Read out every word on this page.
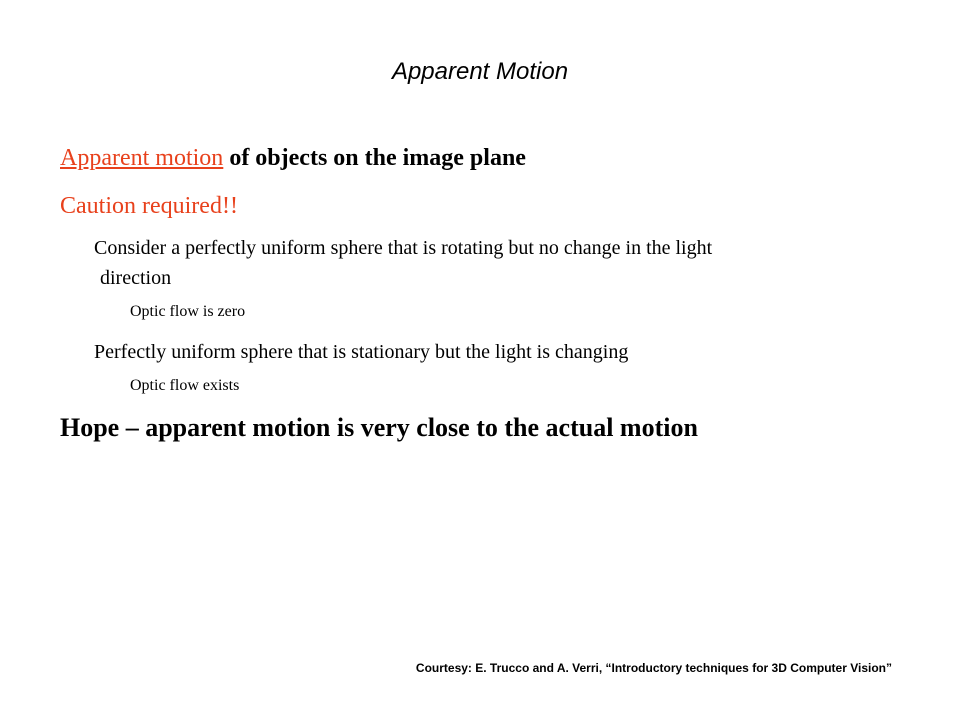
Apparent Motion

Apparent motion of objects on the image plane

Caution required!!

Consider a perfectly uniform sphere that is rotating but no change in the light
direction

Optic flow is zero

Perfectly uniform sphere that is stationary but the light is changing

Optic flow exists

Hope – apparent motion is very close to the actual motion

Courtesy: E. Trucco and A. Verri, “Introductory techniques for 3D Computer Vision”
